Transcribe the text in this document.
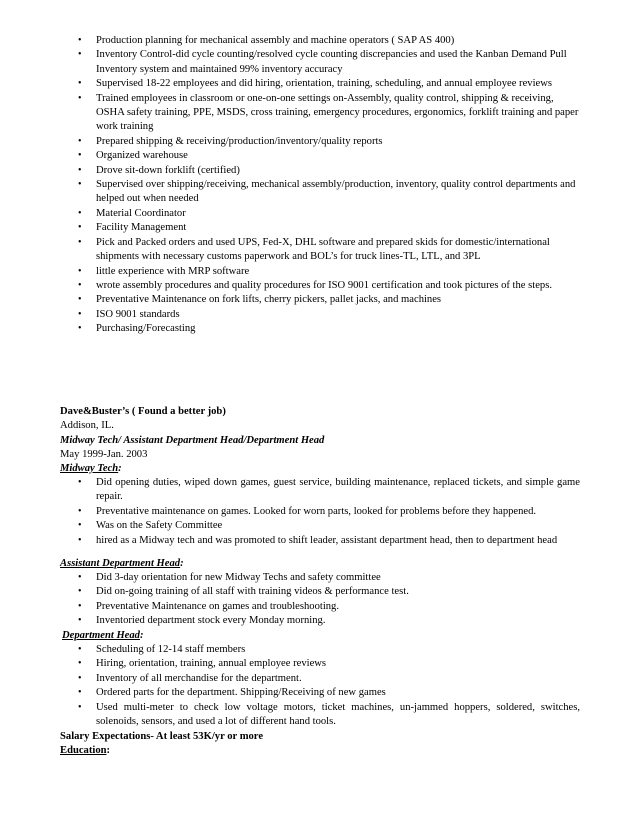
• Production planning for mechanical assembly and machine operators ( SAP AS 400)
• Inventory Control-did cycle counting/resolved cycle counting discrepancies and used the Kanban Demand Pull Inventory system and maintained 99% inventory accuracy
• Supervised 18-22 employees and did hiring, orientation, training, scheduling, and annual employee reviews
• Trained employees in classroom or one-on-one settings on-Assembly, quality control, shipping & receiving, OSHA safety training, PPE, MSDS, cross training, emergency procedures, ergonomics, forklift training and paper work training
• Prepared shipping & receiving/production/inventory/quality reports
• Organized warehouse
• Drove sit-down forklift (certified)
• Supervised over shipping/receiving, mechanical assembly/production, inventory, quality control departments and helped out when needed
• Material Coordinator
• Facility Management
• Pick and Packed orders and used UPS, Fed-X, DHL software and prepared skids for domestic/international shipments with necessary customs paperwork and BOL’s for truck lines-TL, LTL, and 3PL
• little experience with MRP software
• wrote assembly procedures and quality procedures for ISO 9001 certification and took pictures of the steps.
• Preventative Maintenance on fork lifts, cherry pickers, pallet jacks, and machines
• ISO 9001 standards
• Purchasing/Forecasting
Dave&Buster’s ( Found a better job)
Addison, IL.
Midway Tech/ Assistant Department Head/Department Head
May 1999-Jan. 2003
Midway Tech:
• Did opening duties, wiped down games, guest service, building maintenance, replaced tickets, and simple game repair.
• Preventative maintenance on games. Looked for worn parts, looked for problems before they happened.
• Was on the Safety Committee
• hired as a Midway tech and was promoted to shift leader, assistant department head, then to department head
Assistant Department Head:
• Did 3-day orientation for new Midway Techs and safety committee
• Did on-going training of all staff with training videos & performance test.
• Preventative Maintenance on games and troubleshooting.
• Inventoried department stock every Monday morning.
Department Head:
• Scheduling of 12-14 staff members
• Hiring, orientation, training, annual employee reviews
• Inventory of all merchandise for the department.
• Ordered parts for the department. Shipping/Receiving of new games
• Used multi-meter to check low voltage motors, ticket machines, un-jammed hoppers, soldered, switches, solenoids, sensors, and used a lot of different hand tools.
Salary Expectations- At least 53K/yr or more
Education:
